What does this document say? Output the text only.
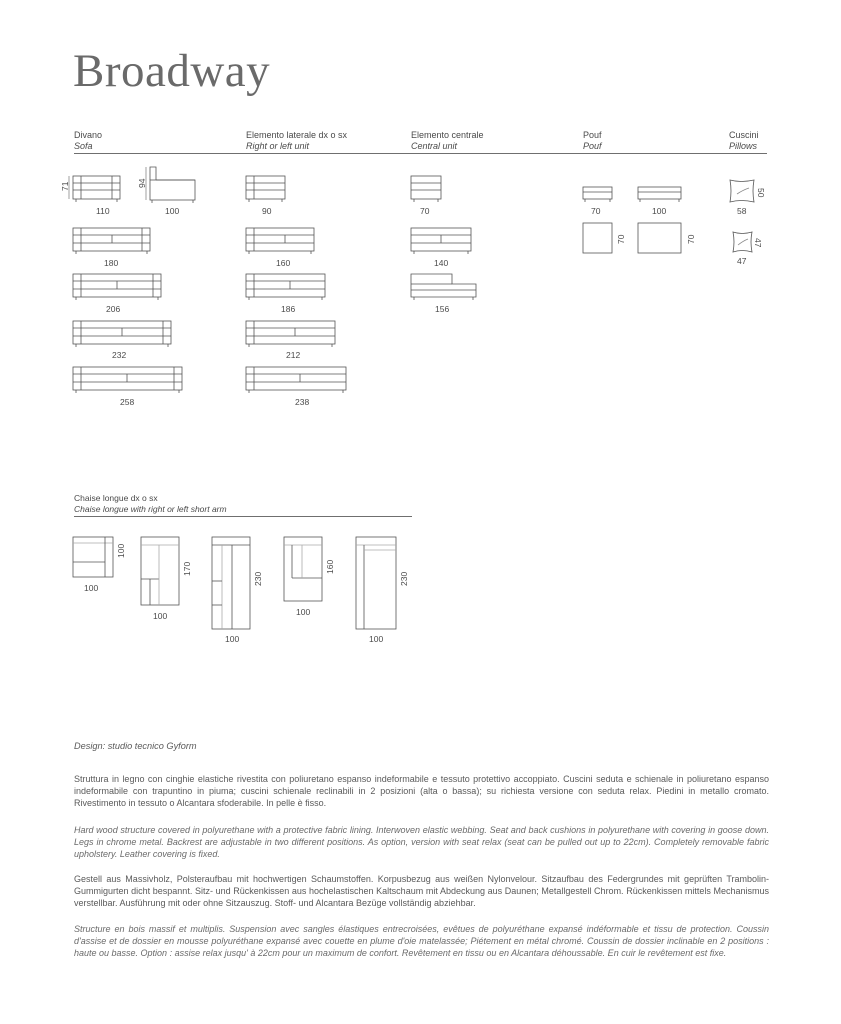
Broadway
Divano
Sofa
Elemento laterale dx o sx
Right or left unit
Elemento centrale
Central unit
Pouf
Pouf
Cuscini
Pillows
71
110
94
100
180
206
232
258
90
160
186
212
238
70
140
156
70	100
70	70
50
58
47
47
100
100
170
100
230
100
160
100
230
100
Chaise longue dx o sx
Chaise longue with right or left short arm
Design: studio tecnico Gyform
Struttura in legno con cinghie elastiche rivestita con poliuretano espanso indeformabile e tessuto protettivo accoppiato. Cuscini seduta e schienale in poliuretano espanso indeformabile con trapuntino in piuma; cuscini schienale reclinabili in 2 posizioni (alta o bassa); su richiesta versione con seduta relax. Piedini in metallo cromato. Rivestimento in tessuto o Alcantara sfoderabile. In pelle è fisso.
Hard wood structure covered in polyurethane with a protective fabric lining. Interwoven elastic webbing. Seat and back cushions in polyurethane with covering in goose down. Legs in chrome metal. Backrest are adjustable in two different positions. As option, version with seat relax (seat can be pulled out up to 22cm). Completely removable fabric upholstery. Leather covering is fixed.
Gestell aus Massivholz, Polsteraufbau mit hochwertigen Schaumstoffen. Korpusbezug aus weißen Nylonvelour. Sitzaufbau des Federgrundes mit geprüften Trambolin-Gummigurten dicht bespannt. Sitz- und Rückenkissen aus hochelastischen Kaltschaum mit Abdeckung aus Daunen; Metallgestell Chrom. Rückenkissen mittels Mechanismus verstellbar. Ausführung mit oder ohne Sitzauszug. Stoff- und Alcantara Bezüge vollständig abziehbar.
Structure en bois massif et multiplis. Suspension avec sangles élastiques entrecroisées, evêtues de polyuréthane expansé indéformable et tissu de protection. Coussin d'assise et de dossier en mousse polyuréthane expansé avec couette en plume d'oie matelassée; Piétement en métal chromé. Coussin de dossier inclinable en 2 positions : haute ou basse. Option : assise relax jusqu' à 22cm pour un maximum de confort. Revêtement en tissu ou en Alcantara déhoussable. En cuir le revêtement est fixe.
